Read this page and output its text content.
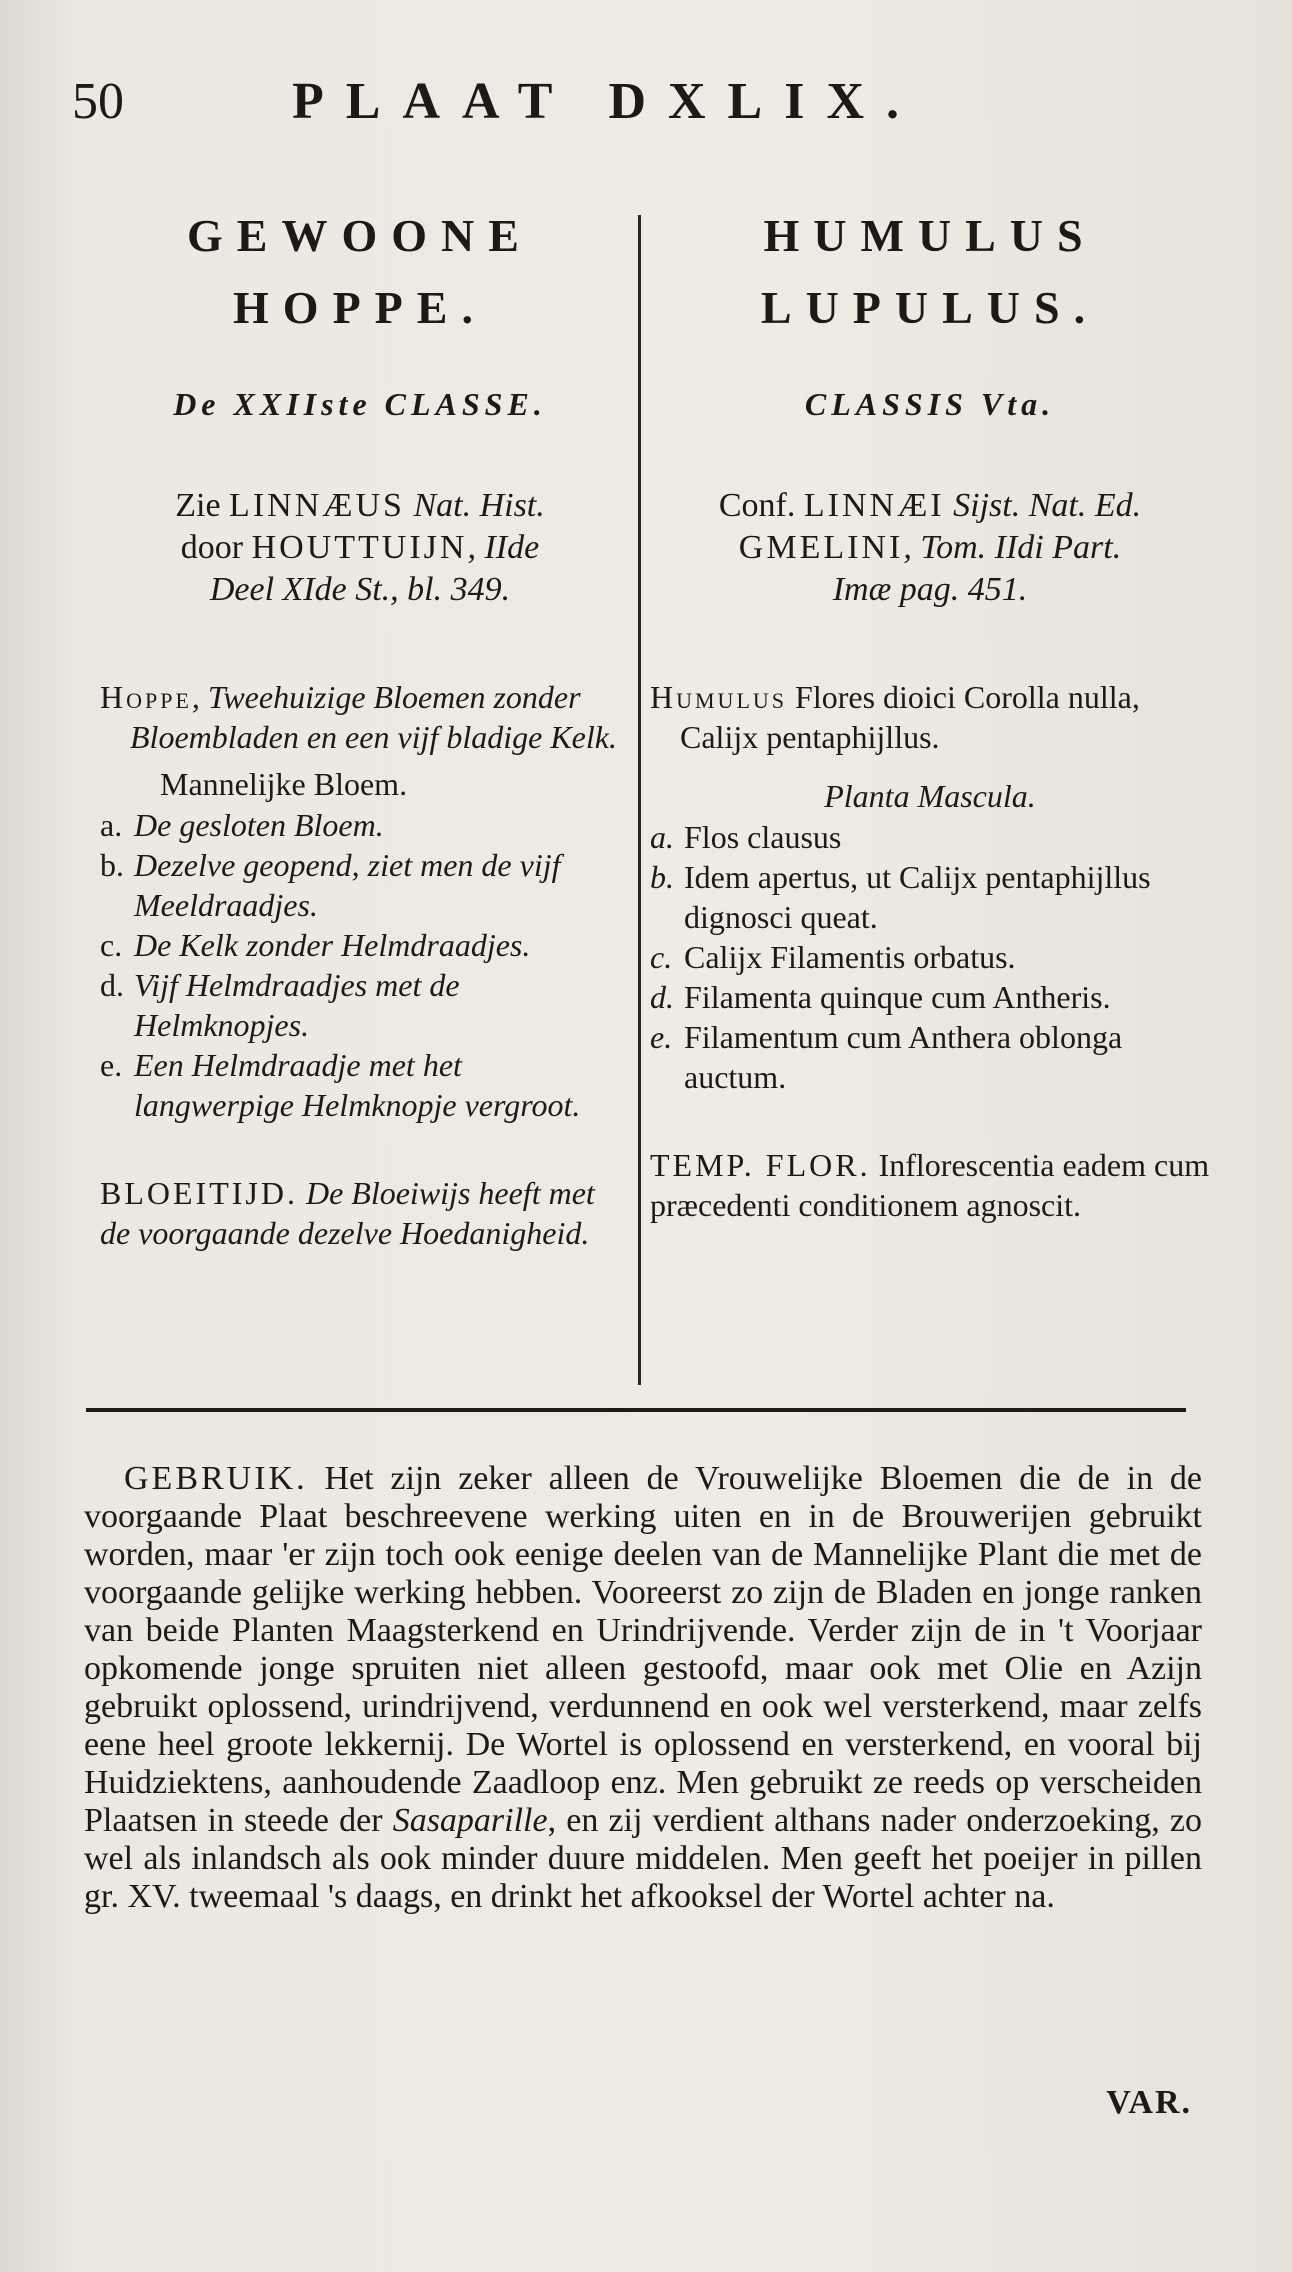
50	PLAAT DXLIX.
GEWOONE
HOPPE.
De XXIIste CLASSE.
Zie LINNÆUS Nat. Hist.
door HOUTTUIJN, IIde
Deel XIde St., bl. 349.
Hoppe, Tweehuizige Bloemen zonder Bloembladen en een vijf bladige Kelk.
Mannelijke Bloem.
a. De gesloten Bloem.
b. Dezelve geopend, ziet men de vijf Meeldraadjes.
c. De Kelk zonder Helmdraadjes.
d. Vijf Helmdraadjes met de Helmknopjes.
e. Een Helmdraadje met het langwerpige Helmknopje vergroot.
BLOEITIJD. De Bloeiwijs heeft met de voorgaande dezelve Hoedanigheid.
HUMULUS
LUPULUS.
CLASSIS Vta.
Conf. LINNÆI Sijst. Nat. Ed.
GMELINI, Tom. IIdi Part.
Imæ pag. 451.
Humulus Flores dioici Corolla nulla, Calijx pentaphijllus.
Planta Mascula.
a. Flos clausus
b. Idem apertus, ut Calijx pentaphijllus dignosci queat.
c. Calijx Filamentis orbatus.
d. Filamenta quinque cum Antheris.
e. Filamentum cum Anthera oblonga auctum.
TEMP. FLOR. Inflorescentia eadem cum præcedenti conditionem agnoscit.
GEBRUIK. Het zijn zeker alleen de Vrouwelijke Bloemen die de in de voorgaande Plaat beschreevene werking uiten en in de Brouwerijen gebruikt worden, maar 'er zijn toch ook eenige deelen van de Mannelijke Plant die met de voorgaande gelijke werking hebben. Vooreerst zo zijn de Bladen en jonge ranken van beide Planten Maagsterkend en Urindrijvende. Verder zijn de in 't Voorjaar opkomende jonge spruiten niet alleen gestoofd, maar ook met Olie en Azijn gebruikt oplossend, urindrijvend, verdunnend en ook wel versterkend, maar zelfs eene heel groote lekkernij. De Wortel is oplossend en versterkend, en vooral bij Huidziektens, aanhoudende Zaadloop enz. Men gebruikt ze reeds op verscheiden Plaatsen in steede der Sasaparille, en zij verdient althans nader onderzoeking, zo wel als inlandsch als ook minder duure middelen. Men geeft het poeijer in pillen gr. XV. tweemaal 's daags, en drinkt het afkooksel der Wortel achter na.
VAR.
